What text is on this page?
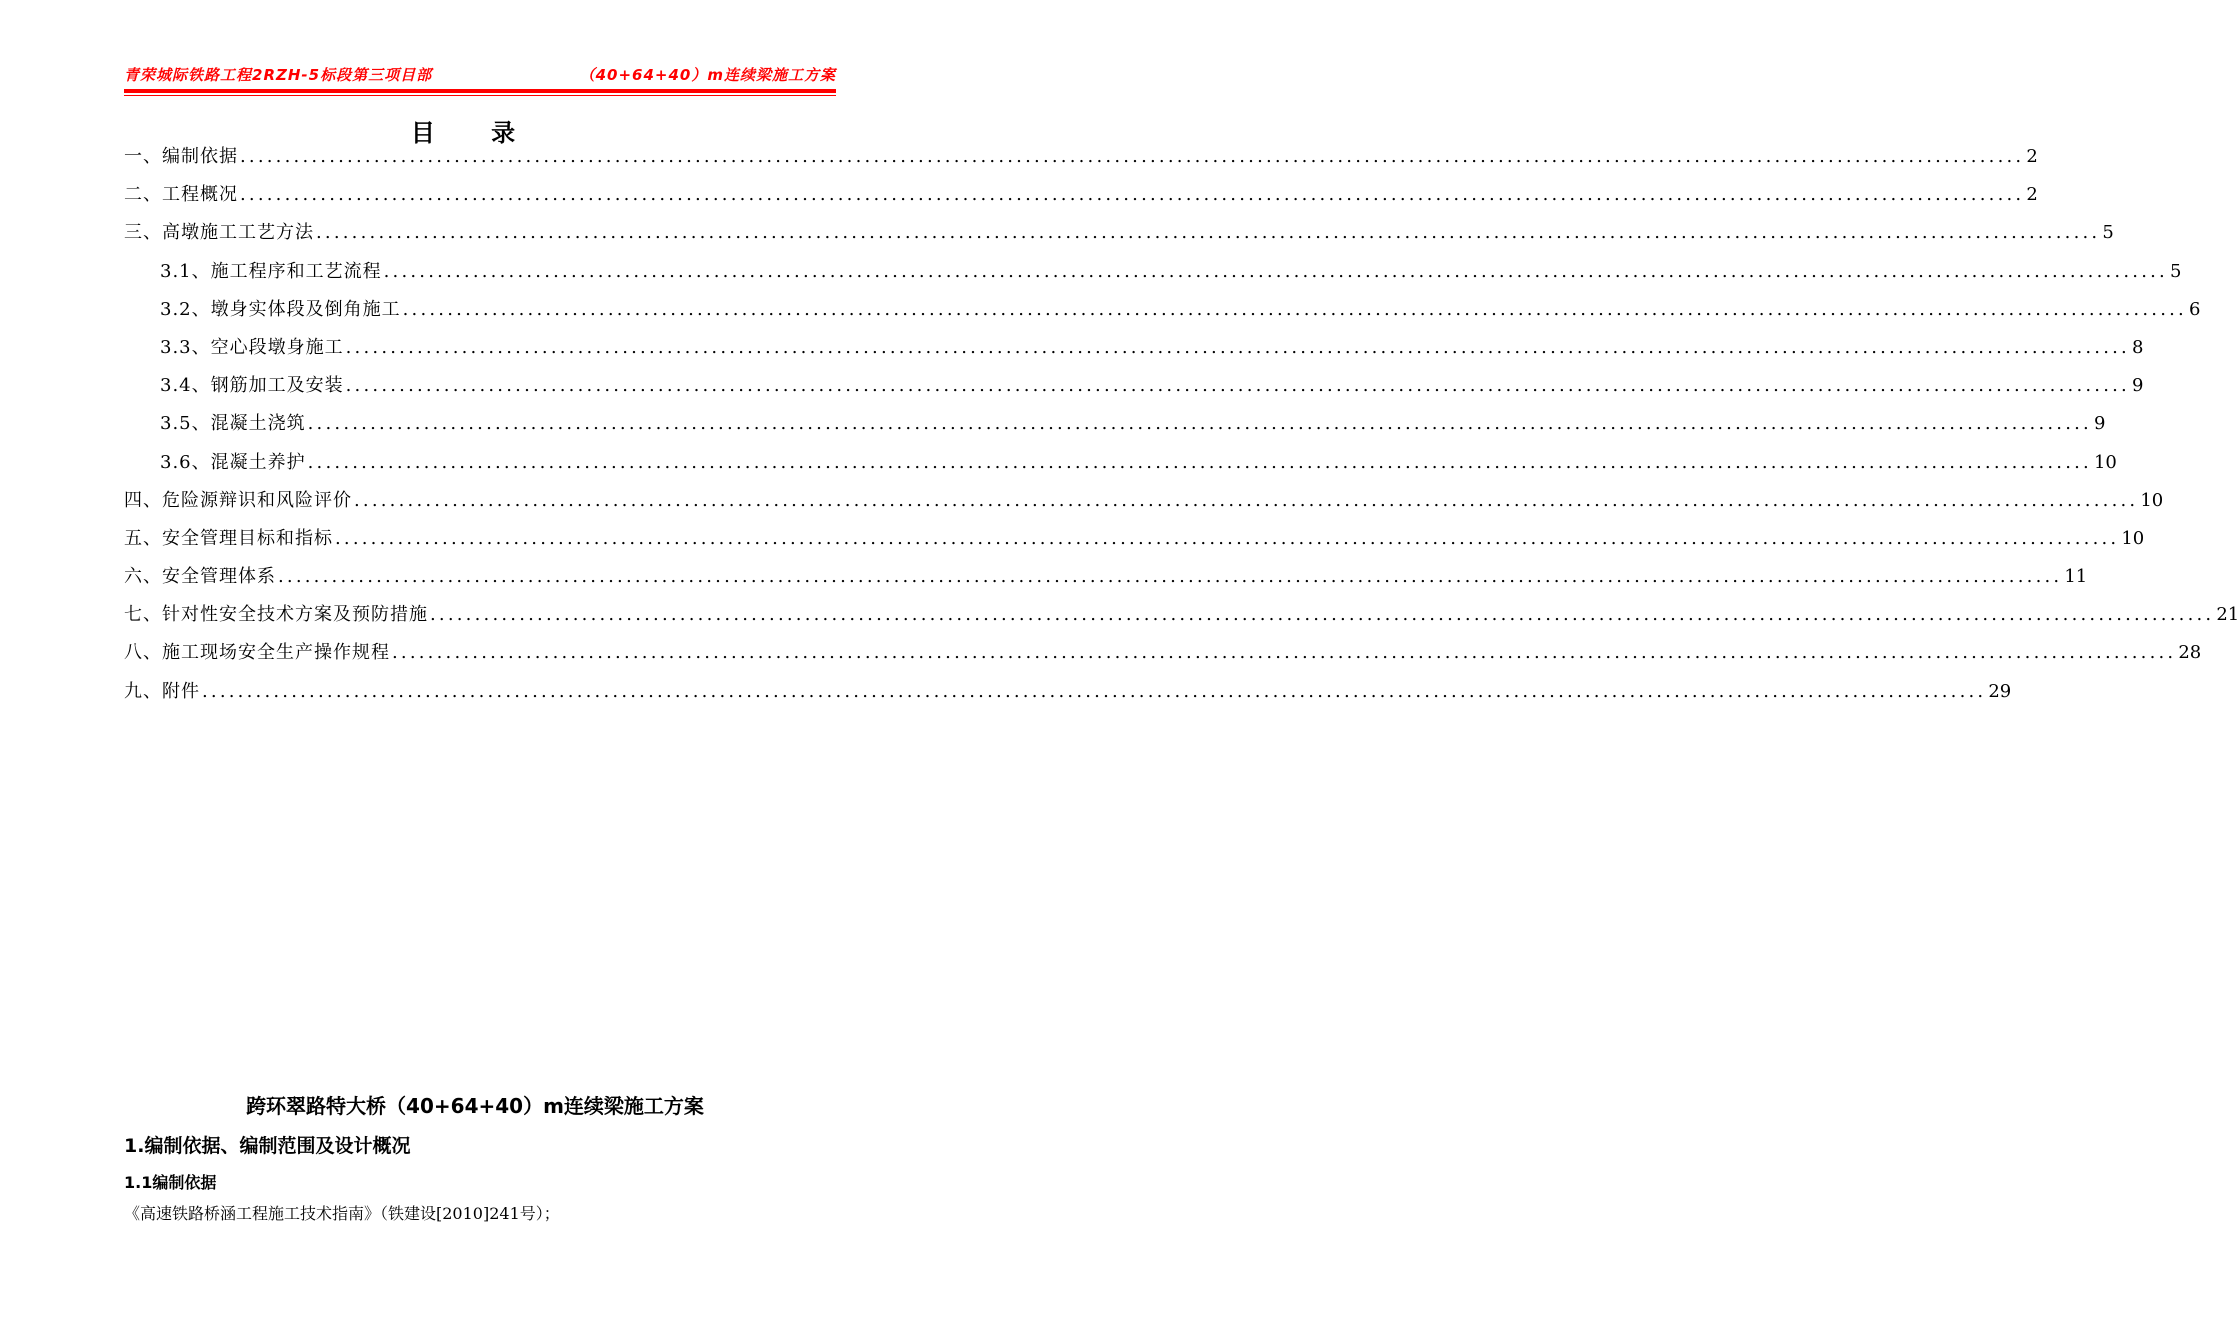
青荣城际铁路工程2RZH-5标段第三项目部	（40+64+40）m连续梁施工方案
目 录
一、编制依据 ........................................................................................................................................................................................................ 2
二、工程概况 ........................................................................................................................................................................................................ 2
三、高墩施工工艺方法 ........................................................................................................................................................................................................ 5
3.1、施工程序和工艺流程 ........................................................................................................................................................................................................ 5
3.2、墩身实体段及倒角施工 ........................................................................................................................................................................................................ 6
3.3、空心段墩身施工 ........................................................................................................................................................................................................ 8
3.4、钢筋加工及安装 ........................................................................................................................................................................................................ 9
3.5、混凝土浇筑 ........................................................................................................................................................................................................ 9
3.6、混凝土养护 ........................................................................................................................................................................................................ 10
四、危险源辩识和风险评价 ........................................................................................................................................................................................................ 10
五、安全管理目标和指标 ........................................................................................................................................................................................................ 10
六、安全管理体系 ........................................................................................................................................................................................................ 11
七、针对性安全技术方案及预防措施 ........................................................................................................................................................................................................ 21
八、施工现场安全生产操作规程 ........................................................................................................................................................................................................ 28
九、附件 ........................................................................................................................................................................................................ 29
跨环翠路特大桥（40+64+40）m连续梁施工方案
1.编制依据、编制范围及设计概况
1.1编制依据
《高速铁路桥涵工程施工技术指南》（铁建设[2010]241号）；
